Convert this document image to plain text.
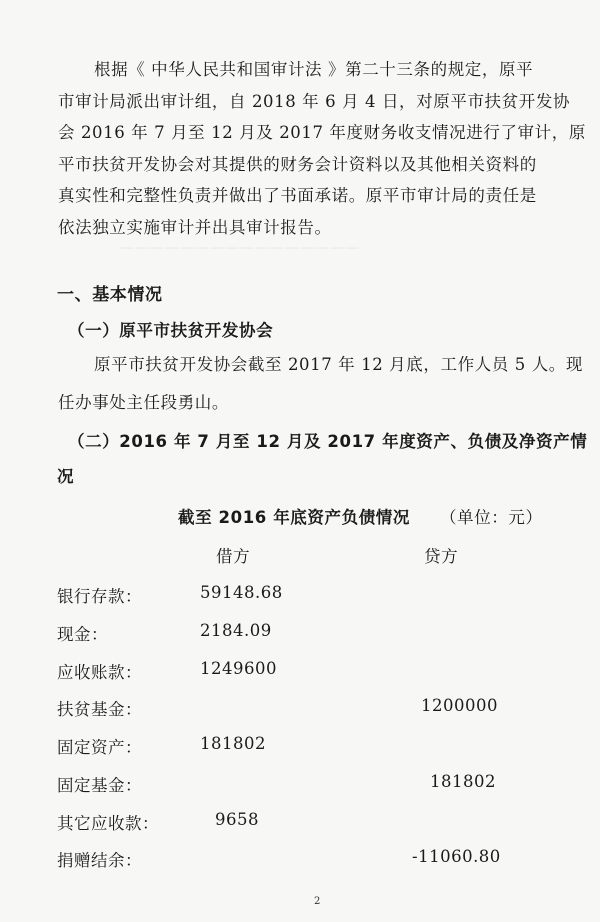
————————————————
根据《 中华人民共和国审计法 》第二十三条的规定，原平
市审计局派出审计组，自 2018 年 6 月 4 日，对原平市扶贫开发协
会 2016 年 7 月至 12 月及 2017 年度财务收支情况进行了审计，原
平市扶贫开发协会对其提供的财务会计资料以及其他相关资料的
真实性和完整性负责并做出了书面承诺。原平市审计局的责任是
依法独立实施审计并出具审计报告。
一、基本情况
（一）原平市扶贫开发协会
原平市扶贫开发协会截至 2017 年 12 月底，工作人员 5 人。现
任办事处主任段勇山。
（二）2016 年 7 月至 12 月及 2017 年度资产、负债及净资产情
况
截至 2016 年底资产负债情况 （单位：元）
借方	贷方
银行存款：
现金：
应收账款：
扶贫基金：
固定资产：
固定基金：
其它应收款：
捐赠结余：
59148.68
2184.09
1249600
181802
9658
1200000
181802
-11060.80
2
